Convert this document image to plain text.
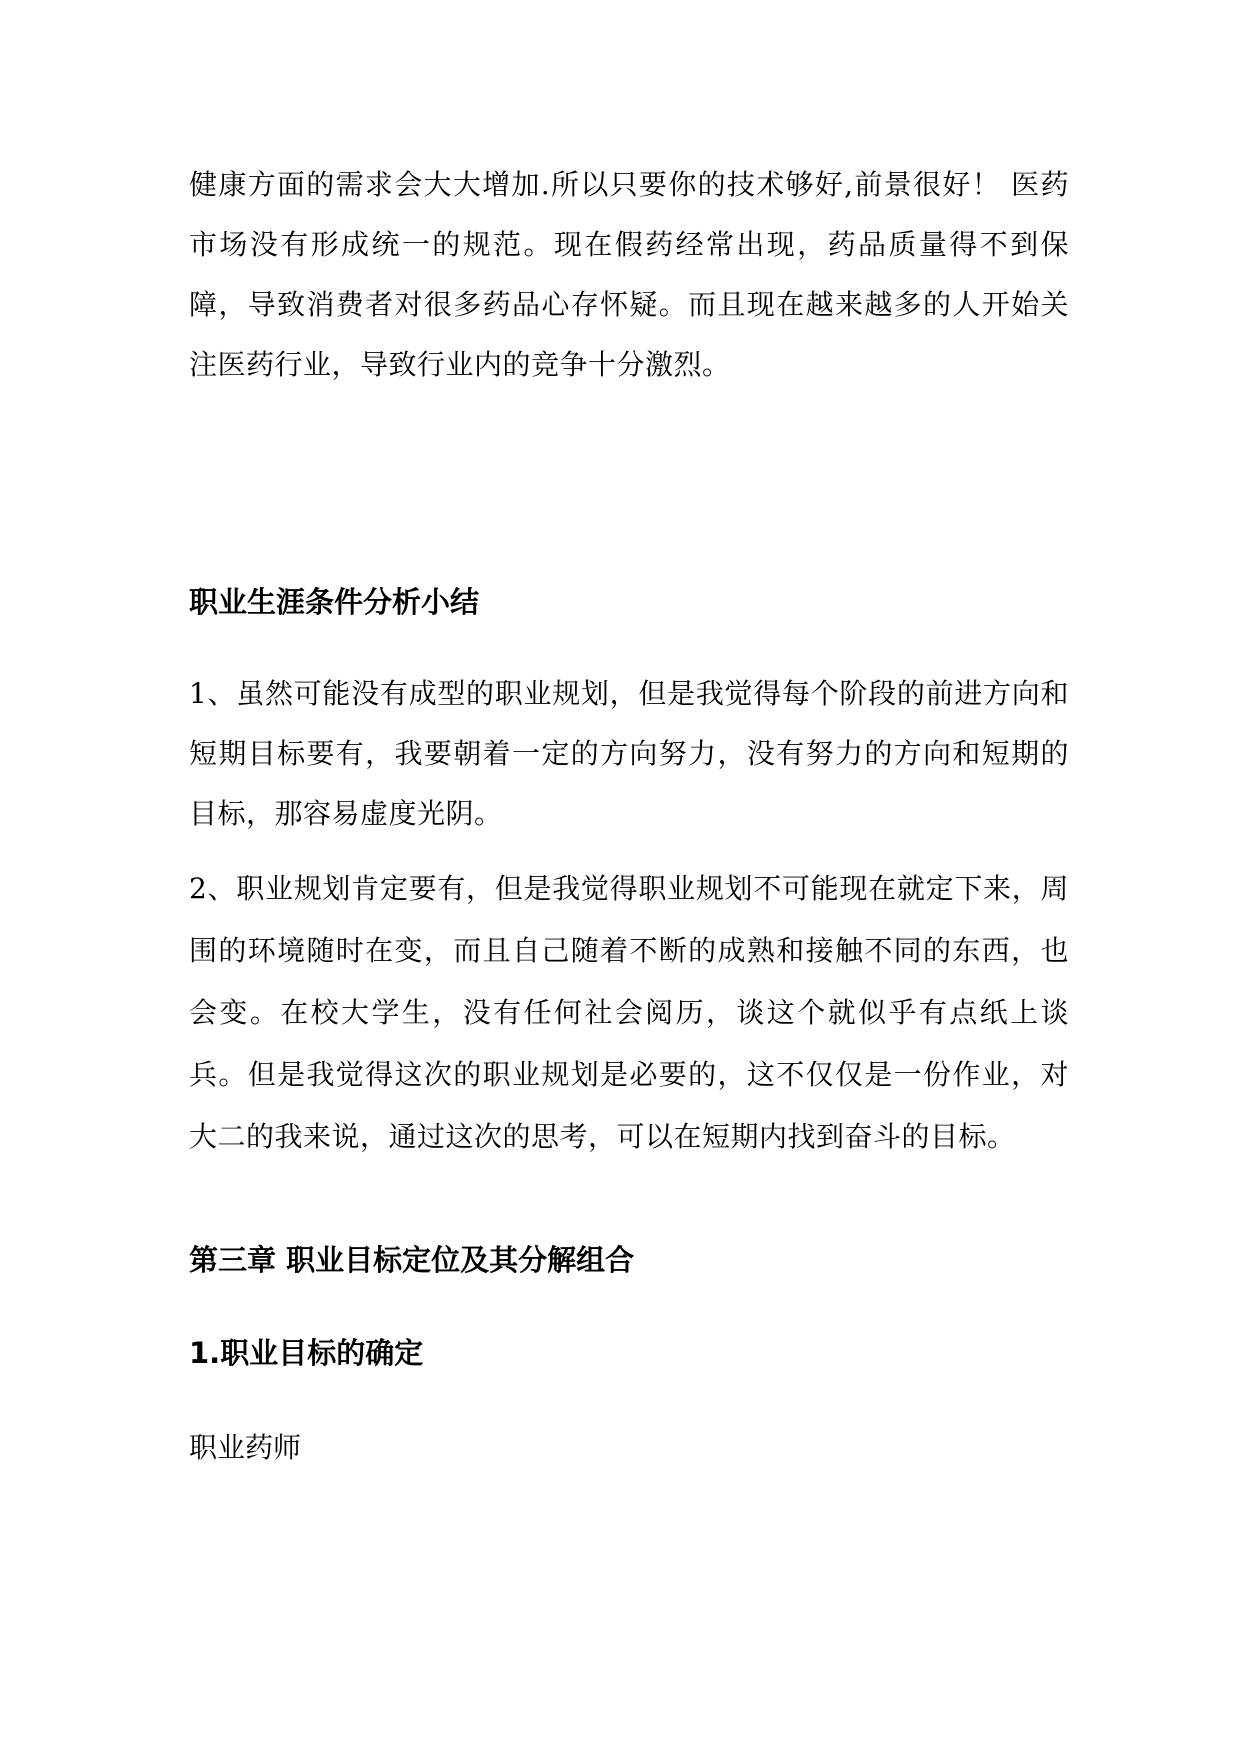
健康方面的需求会大大增加.所以只要你的技术够好,前景很好！ 医药市场没有形成统一的规范。现在假药经常出现，药品质量得不到保障，导致消费者对很多药品心存怀疑。而且现在越来越多的人开始关注医药行业，导致行业内的竞争十分激烈。

职业生涯条件分析小结

1、虽然可能没有成型的职业规划，但是我觉得每个阶段的前进方向和短期目标要有，我要朝着一定的方向努力，没有努力的方向和短期的目标，那容易虚度光阴。

2、职业规划肯定要有，但是我觉得职业规划不可能现在就定下来，周围的环境随时在变，而且自己随着不断的成熟和接触不同的东西，也会变。在校大学生，没有任何社会阅历，谈这个就似乎有点纸上谈兵。但是我觉得这次的职业规划是必要的，这不仅仅是一份作业，对大二的我来说，通过这次的思考，可以在短期内找到奋斗的目标。

第三章 职业目标定位及其分解组合
1.职业目标的确定

职业药师
